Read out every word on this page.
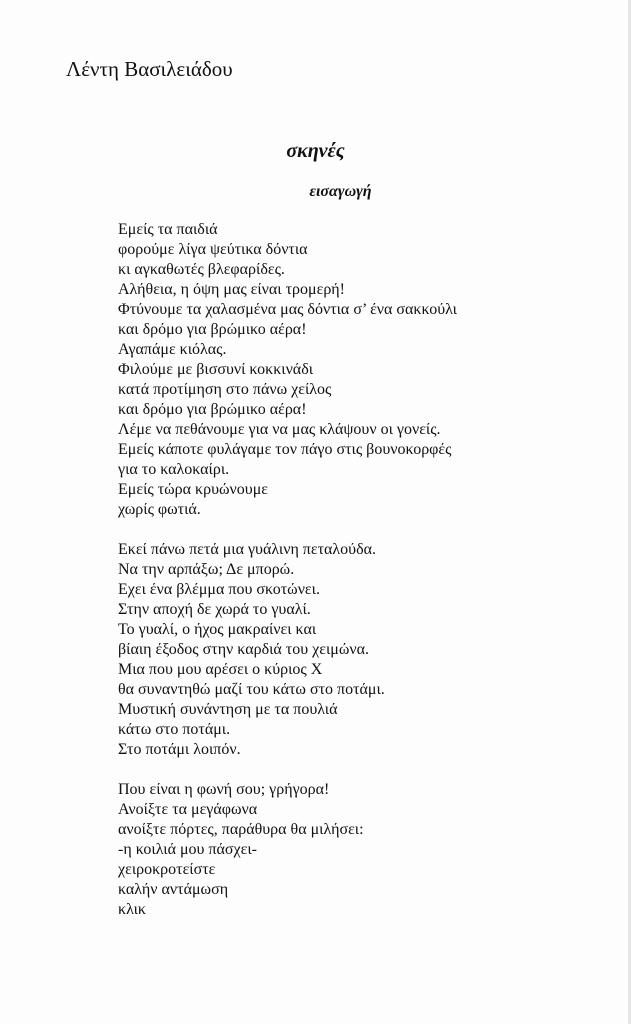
Λέντη Βασιλειάδου
σκηνές
εισαγωγή
Εμείς τα παιδιά
φορούμε λίγα ψεύτικα δόντια
κι αγκαθωτές βλεφαρίδες.
Αλήθεια, η όψη μας είναι τρομερή!
Φτύνουμε τα χαλασμένα μας δόντια σ’ ένα σακκούλι
και δρόμο για βρώμικο αέρα!
Αγαπάμε κιόλας.
Φιλούμε με βισσυνί κοκκινάδι
κατά προτίμηση στο πάνω χείλος
και δρόμο για βρώμικο αέρα!
Λέμε να πεθάνουμε για να μας κλάψουν οι γονείς.
Εμείς κάποτε φυλάγαμε τον πάγο στις βουνοκορφές
για το καλοκαίρι.
Εμείς τώρα κρυώνουμε
χωρίς φωτιά.
Εκεί πάνω πετά μια γυάλινη πεταλούδα.
Να την αρπάξω; Δε μπορώ.
Εχει ένα βλέμμα που σκοτώνει.
Στην αποχή δε χωρά το γυαλί.
Το γυαλί, ο ήχος μακραίνει και
βίαιη έξοδος στην καρδιά του χειμώνα.
Μια που μου αρέσει ο κύριος Χ
θα συναντηθώ μαζί του κάτω στο ποτάμι.
Μυστική συνάντηση με τα πουλιά
κάτω στο ποτάμι.
Στο ποτάμι λοιπόν.
Που είναι η φωνή σου; γρήγορα!
Ανοίξτε τα μεγάφωνα
ανοίξτε πόρτες, παράθυρα θα μιλήσει:
-η κοιλιά μου πάσχει-
χειροκροτείστε
καλήν αντάμωση
κλικ
